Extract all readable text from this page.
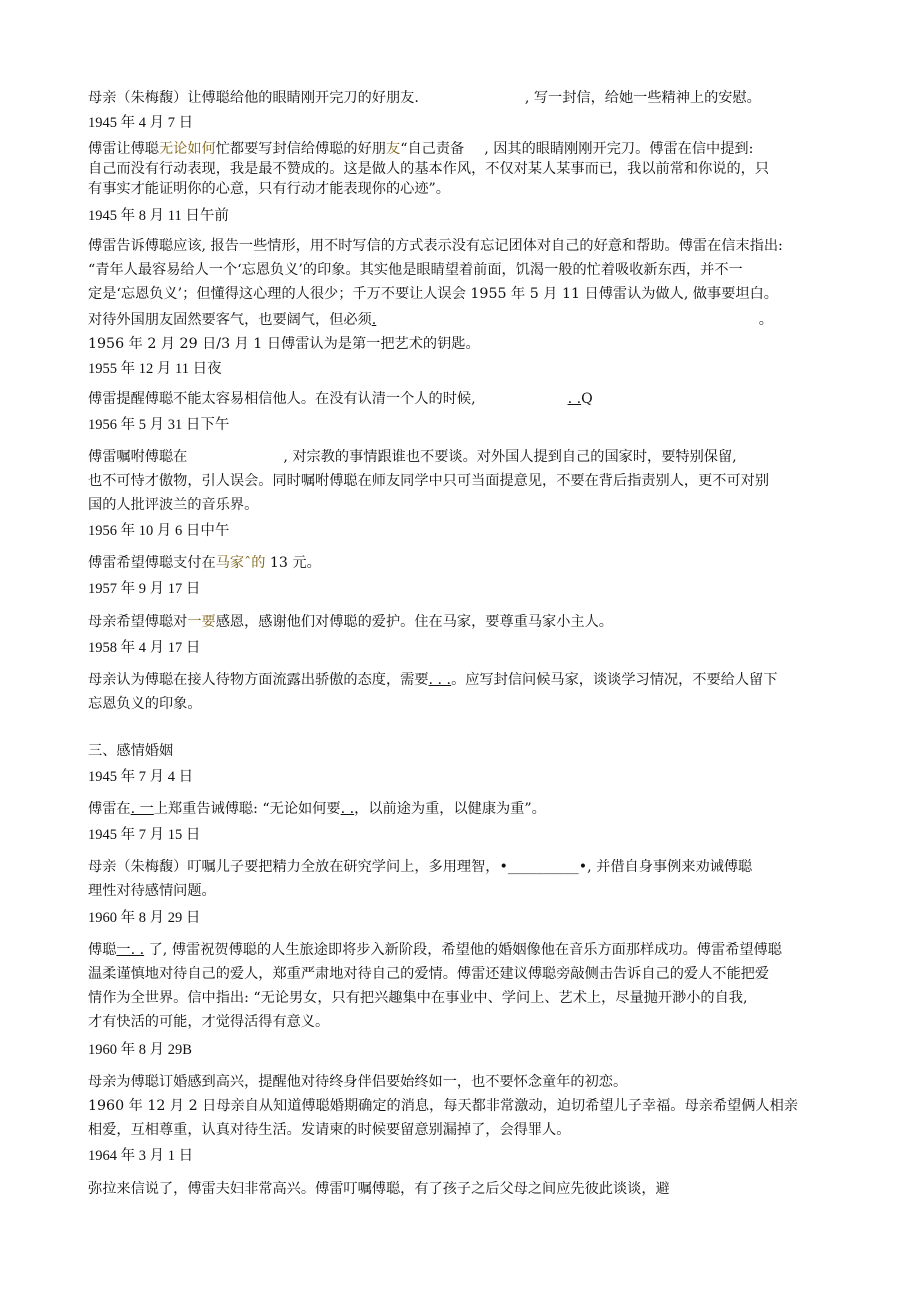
母亲（朱梅馥）让傅聪给他的眼睛刚开完刀的好朋友.	, 写一封信，给她一些精神上的安慰。
1945 年 4 月 7 日
傅雷让傅聪无论如何忙都要写封信给傅聪的好朋友“自己责备 , 因其的眼睛刚刚开完刀。傅雷在信中提到:
自己而没有行动表现，我是最不赞成的。这是做人的基本作风，不仅对某人某事而已，我以前常和你说的，只
有事实才能证明你的心意，只有行动才能表现你的心迹”。
1945 年 8 月 11 日午前
傅雷告诉傅聪应该, 报告一些情形，用不时写信的方式表示没有忘记团体对自己的好意和帮助。傅雷在信末指出:
“青年人最容易给人一个‘忘恩负义’的印象。其实他是眼睛望着前面，饥渴一般的忙着吸收新东西，并不一
定是‘忘恩负义’；但懂得这心理的人很少；千万不要让人误会 1955 年 5 月 11 日傅雷认为做人, 做事要坦白。
对待外国朋友固然要客气，也要阔气，但必须.	。
1956 年 2 月 29 日/3 月 1 日傅雷认为是第一把艺术的钥匙。
1955 年 12 月 11 日夜
傅雷提醒傅聪不能太容易相信他人。在没有认清一个人的时候,	. .Q
1956 年 5 月 31 日下午
傅雷嘱咐傅聪在	, 对宗教的事情跟谁也不要谈。对外国人提到自己的国家时，要特别保留,
也不可恃才傲物，引人误会。同时嘱咐傅聪在师友同学中只可当面提意见，不要在背后指责别人，更不可对别
国的人批评波兰的音乐界。
1956 年 10 月 6 日中午
傅雷希望傅聪支付在马家ˆ的 13 元。
1957 年 9 月 17 日
母亲希望傅聪对一要感恩，感谢他们对傅聪的爱护。住在马家，要尊重马家小主人。
1958 年 4 月 17 日
母亲认为傅聪在接人待物方面流露出骄傲的态度，需要. . .。应写封信问候马家，谈谈学习情况，不要给人留下
忘恩负义的印象。
三、感情婚姻
1945 年 7 月 4 日
傅雷在. 一上郑重告诫傅聪: “无论如何要. .，以前途为重，以健康为重”。
1945 年 7 月 15 日
母亲（朱梅馥）叮嘱儿子要把精力全放在研究学问上，多用理智，•__________•, 并借自身事例来劝诫傅聪
理性对待感情问题。
1960 年 8 月 29 日
傅聪一. . 了, 傅雷祝贺傅聪的人生旅途即将步入新阶段，希望他的婚姻像他在音乐方面那样成功。傅雷希望傅聪
温柔谨慎地对待自己的爱人，郑重严肃地对待自己的爱情。傅雷还建议傅聪旁敲侧击告诉自己的爱人不能把爱
情作为全世界。信中指出: “无论男女，只有把兴趣集中在事业中、学问上、艺术上，尽量抛开渺小的自我,
才有快活的可能，才觉得活得有意义。
1960 年 8 月 29B
母亲为傅聪订婚感到高兴，提醒他对待终身伴侣要始终如一，也不要怀念童年的初恋。
1960 年 12 月 2 日母亲自从知道傅聪婚期确定的消息，每天都非常激动，迫切希望儿子幸福。母亲希望俩人相亲
相爱，互相尊重，认真对待生活。发请柬的时候要留意别漏掉了，会得罪人。
1964 年 3 月 1 日
弥拉来信说了，傅雷夫妇非常高兴。傅雷叮嘱傅聪，有了孩子之后父母之间应先彼此谈谈，避
